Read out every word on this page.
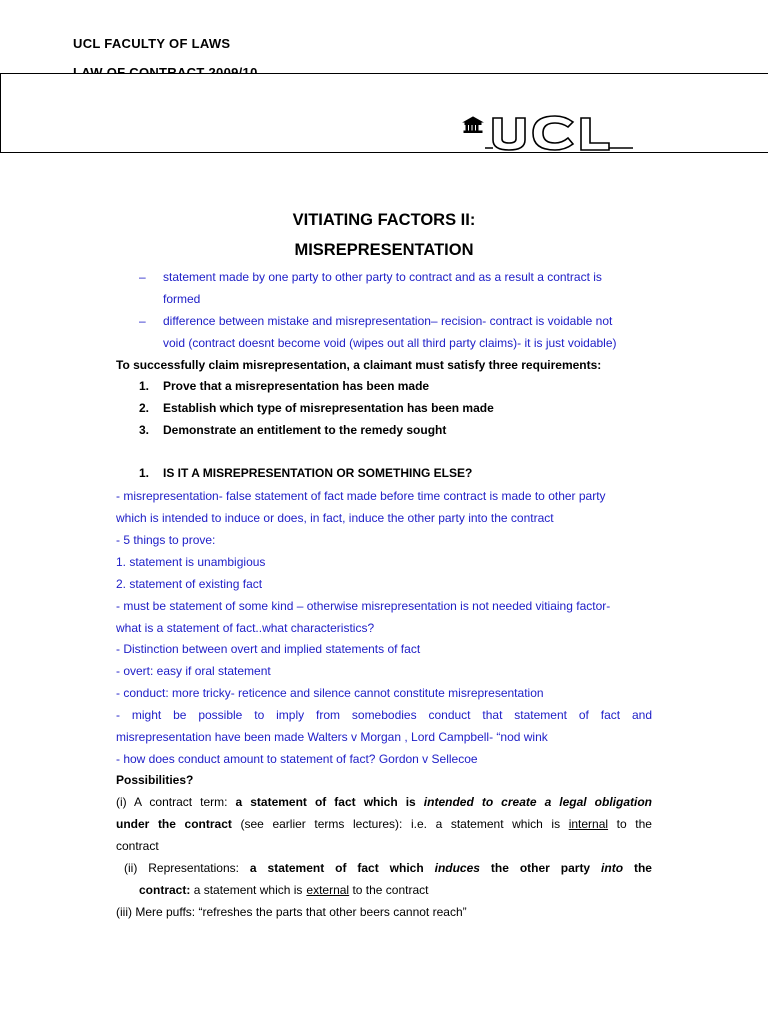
UCL FACULTY OF LAWS
UCL
VITIATING FACTORS II:
MISREPRESENTATION
– statement made by one party to other party to contract and as a result a contract is
formed
– difference between mistake and misrepresentation– recision- contract is voidable not
void (contract doesnt become void (wipes out all third party claims)- it is just voidable)
To successfully claim misrepresentation, a claimant must satisfy three requirements:
1. Prove that a misrepresentation has been made
2. Establish which type of misrepresentation has been made
3. Demonstrate an entitlement to the remedy sought
1. IS IT A MISREPRESENTATION OR SOMETHING ELSE?
- misrepresentation- false statement of fact made before time contract is made to other party
which is intended to induce or does, in fact, induce the other party into the contract
- 5 things to prove:
1. statement is unambigious
2. statement of existing fact
- must be statement of some kind – otherwise misrepresentation is not needed vitiaing factor-
what is a statement of fact..what characteristics?
- Distinction between overt and implied statements of fact
- overt: easy if oral statement
- conduct: more tricky- reticence and silence cannot constitute misrepresentation
- might be possible to imply from somebodies conduct that statement of fact and
misrepresentation have been made Walters v Morgan , Lord Campbell- “nod wink
- how does conduct amount to statement of fact? Gordon v Sellecoe
Possibilities?
(i) A contract term: a statement of fact which is intended to create a legal obligation
under the contract (see earlier terms lectures): i.e. a statement which is internal to the
contract
(ii) Representations: a statement of fact which induces the other party into the
contract: a statement which is external to the contract
(iii) Mere puffs: “refreshes the parts that other beers cannot reach”
